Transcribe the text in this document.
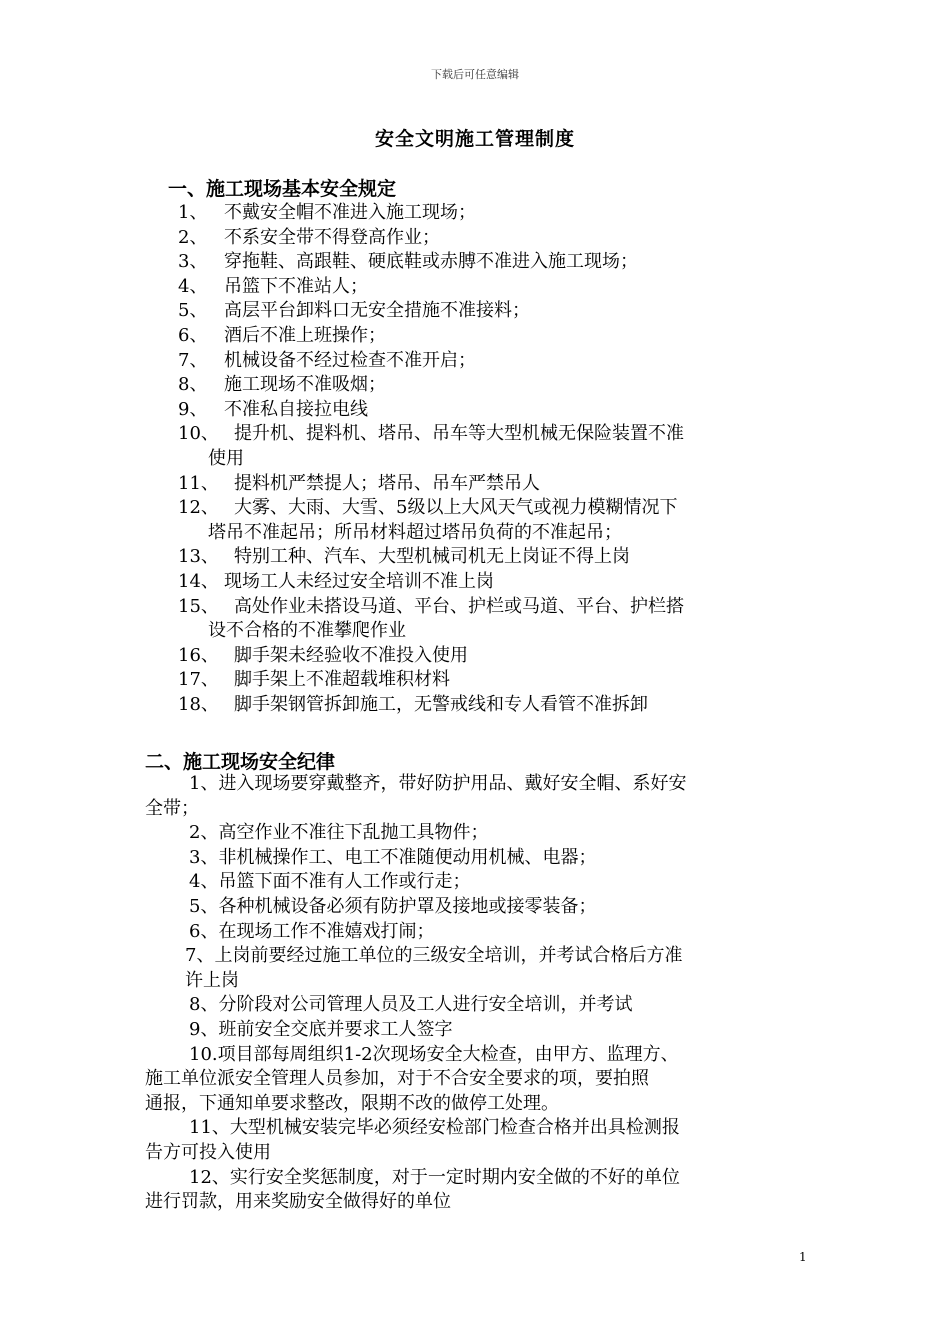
下载后可任意编辑
安全文明施工管理制度
一、施工现场基本安全规定
1、 不戴安全帽不准进入施工现场；
2、 不系安全带不得登高作业；
3、 穿拖鞋、高跟鞋、硬底鞋或赤膊不准进入施工现场；
4、 吊篮下不准站人；
5、 高层平台卸料口无安全措施不准接料；
6、 酒后不准上班操作；
7、 机械设备不经过检查不准开启；
8、 施工现场不准吸烟；
9、 不准私自接拉电线
10、 提升机、提料机、塔吊、吊车等大型机械无保险装置不准
使用
11、 提料机严禁提人；塔吊、吊车严禁吊人
12、 大雾、大雨、大雪、5级以上大风天气或视力模糊情况下
塔吊不准起吊；所吊材料超过塔吊负荷的不准起吊；
13、 特别工种、汽车、大型机械司机无上岗证不得上岗
14、 现场工人未经过安全培训不准上岗
15、 高处作业未搭设马道、平台、护栏或马道、平台、护栏搭
设不合格的不准攀爬作业
16、 脚手架未经验收不准投入使用
17、 脚手架上不准超载堆积材料
18、 脚手架钢管拆卸施工，无警戒线和专人看管不准拆卸
二、施工现场安全纪律
1、进入现场要穿戴整齐，带好防护用品、戴好安全帽、系好安
全带；
2、高空作业不准往下乱抛工具物件；
3、非机械操作工、电工不准随便动用机械、电器；
4、吊篮下面不准有人工作或行走；
5、各种机械设备必须有防护罩及接地或接零装备；
6、在现场工作不准嬉戏打闹；
7、上岗前要经过施工单位的三级安全培训，并考试合格后方准
许上岗
8、分阶段对公司管理人员及工人进行安全培训，并考试
9、班前安全交底并要求工人签字
10.项目部每周组织1-2次现场安全大检查，由甲方、监理方、
施工单位派安全管理人员参加，对于不合安全要求的项，要拍照
通报，下通知单要求整改，限期不改的做停工处理。
11、大型机械安装完毕必须经安检部门检查合格并出具检测报
告方可投入使用
12、实行安全奖惩制度，对于一定时期内安全做的不好的单位
进行罚款，用来奖励安全做得好的单位
1
